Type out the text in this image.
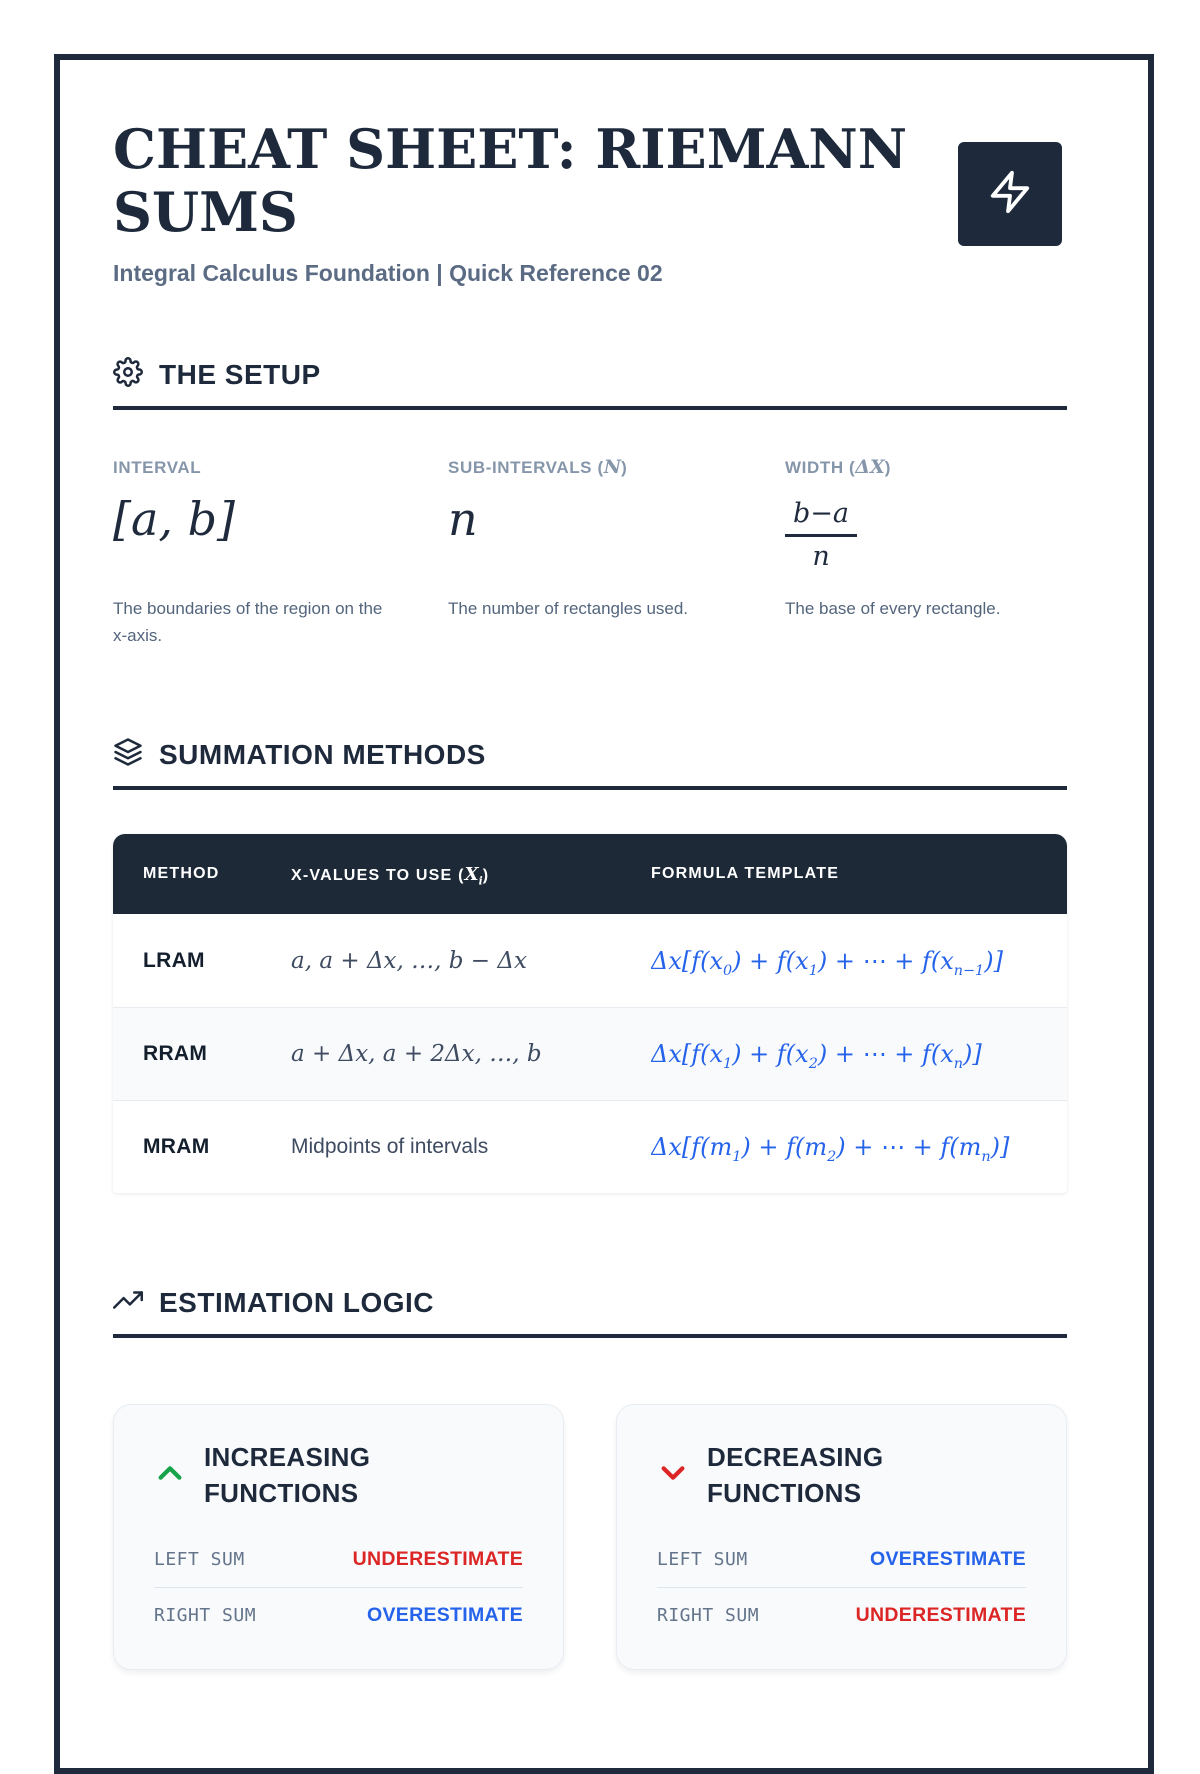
CHEAT SHEET: RIEMANN SUMS
Integral Calculus Foundation | Quick Reference 02
THE SETUP
INTERVAL
[a, b]
The boundaries of the region on the x-axis.
SUB-INTERVALS (N)
n
The number of rectangles used.
WIDTH (ΔX)
$\frac{b-a}{n}$
The base of every rectangle.
SUMMATION METHODS
METHOD	X-VALUES TO USE $(X_i)$	FORMULA TEMPLATE
LRAM	a, a + Δx, …, b − Δx	$\Delta x[f(x_0) + f(x_1)$ + ⋯ + $f(x_{n-1})$]
RRAM	a + Δx, a + 2Δx, …, b	$\Delta x[f(x_1) + f(x_2)$ + ⋯ + $f(x_n)$]
MRAM	Midpoints of intervals	$\Delta x[f(m_1) + f(m_2)$ + ⋯ + $f(m_n)$]
ESTIMATION LOGIC
INCREASING FUNCTIONS
LEFT SUM	UNDERESTIMATE
RIGHT SUM	OVERESTIMATE
DECREASING FUNCTIONS
LEFT SUM	OVERESTIMATE
RIGHT SUM	UNDERESTIMATE
